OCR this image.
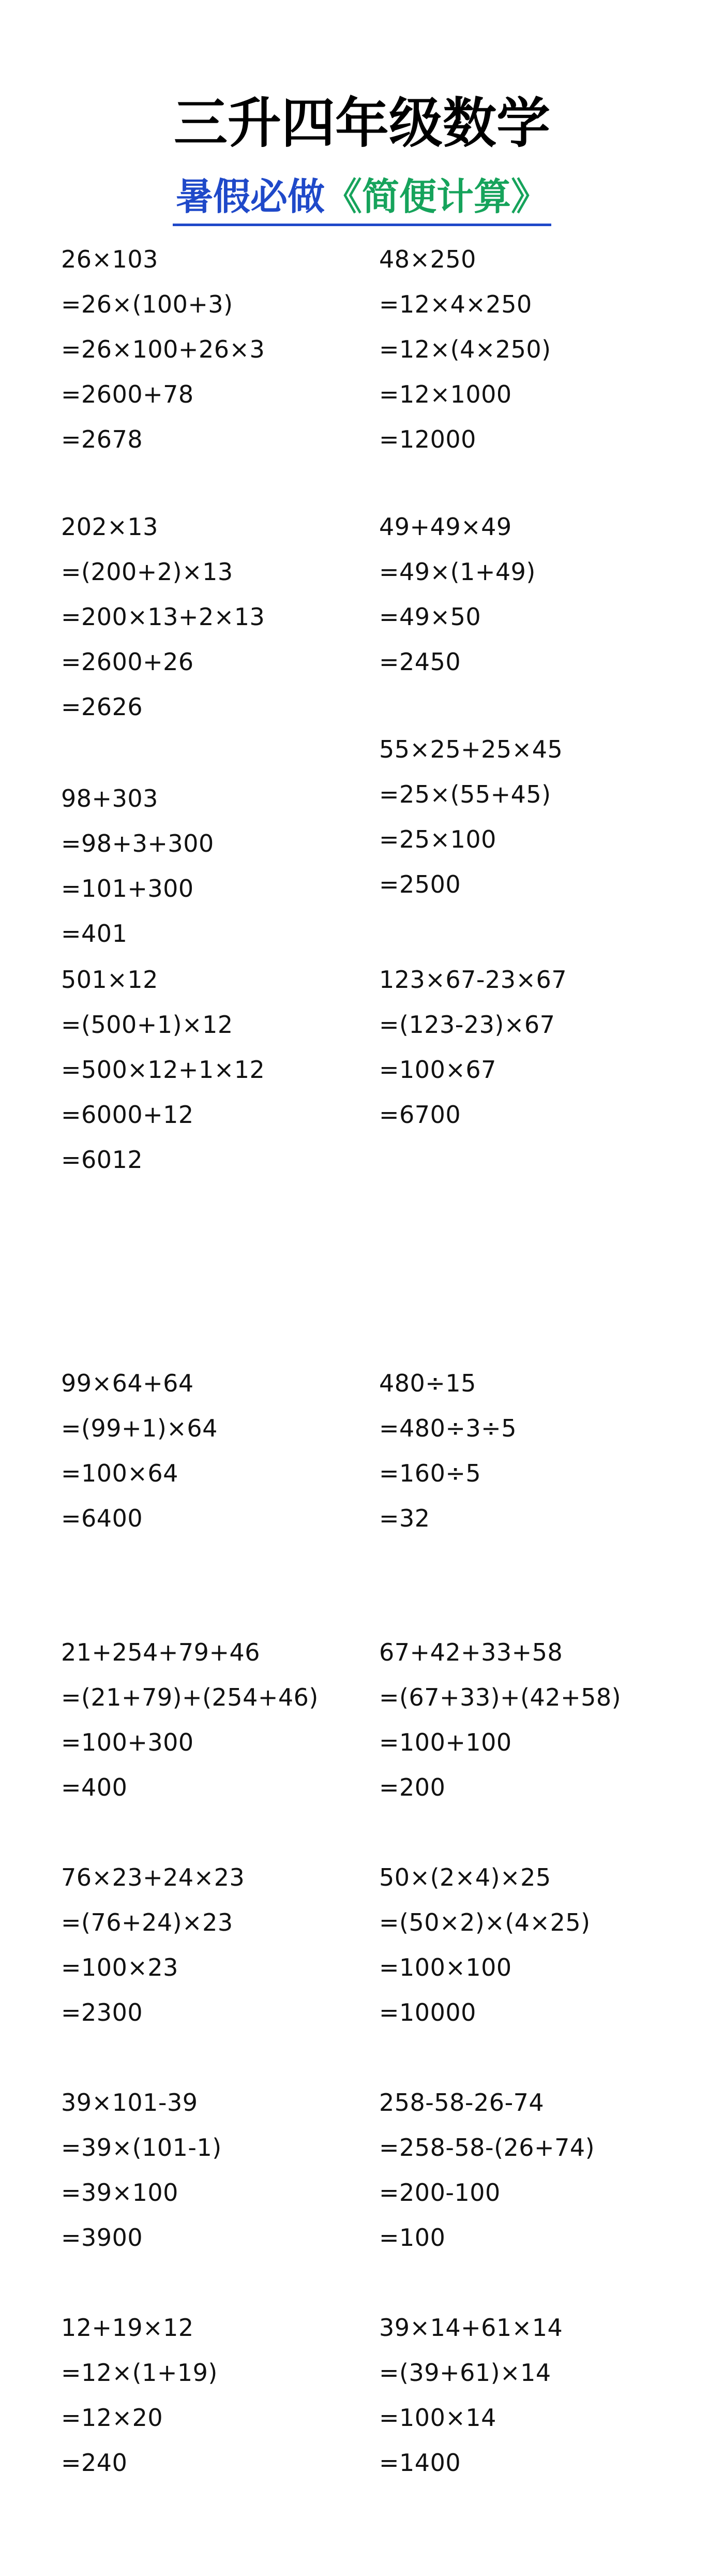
三升四年级数学
暑假必做《简便计算》
26×103
=26×(100+3)
=26×100+26×3
=2600+78
=2678
202×13
=(200+2)×13
=200×13+2×13
=2600+26
=2626
98+303
=98+3+300
=101+300
=401
501×12
=(500+1)×12
=500×12+1×12
=6000+12
=6012
99×64+64
=(99+1)×64
=100×64
=6400
21+254+79+46
=(21+79)+(254+46)
=100+300
=400
76×23+24×23
=(76+24)×23
=100×23
=2300
39×101-39
=39×(101-1)
=39×100
=3900
12+19×12
=12×(1+19)
=12×20
=240
48×250
=12×4×250
=12×(4×250)
=12×1000
=12000
49+49×49
=49×(1+49)
=49×50
=2450
55×25+25×45
=25×(55+45)
=25×100
=2500
123×67-23×67
=(123-23)×67
=100×67
=6700
480÷15
=480÷3÷5
=160÷5
=32
67+42+33+58
=(67+33)+(42+58)
=100+100
=200
50×(2×4)×25
=(50×2)×(4×25)
=100×100
=10000
258-58-26-74
=258-58-(26+74)
=200-100
=100
39×14+61×14
=(39+61)×14
=100×14
=1400
